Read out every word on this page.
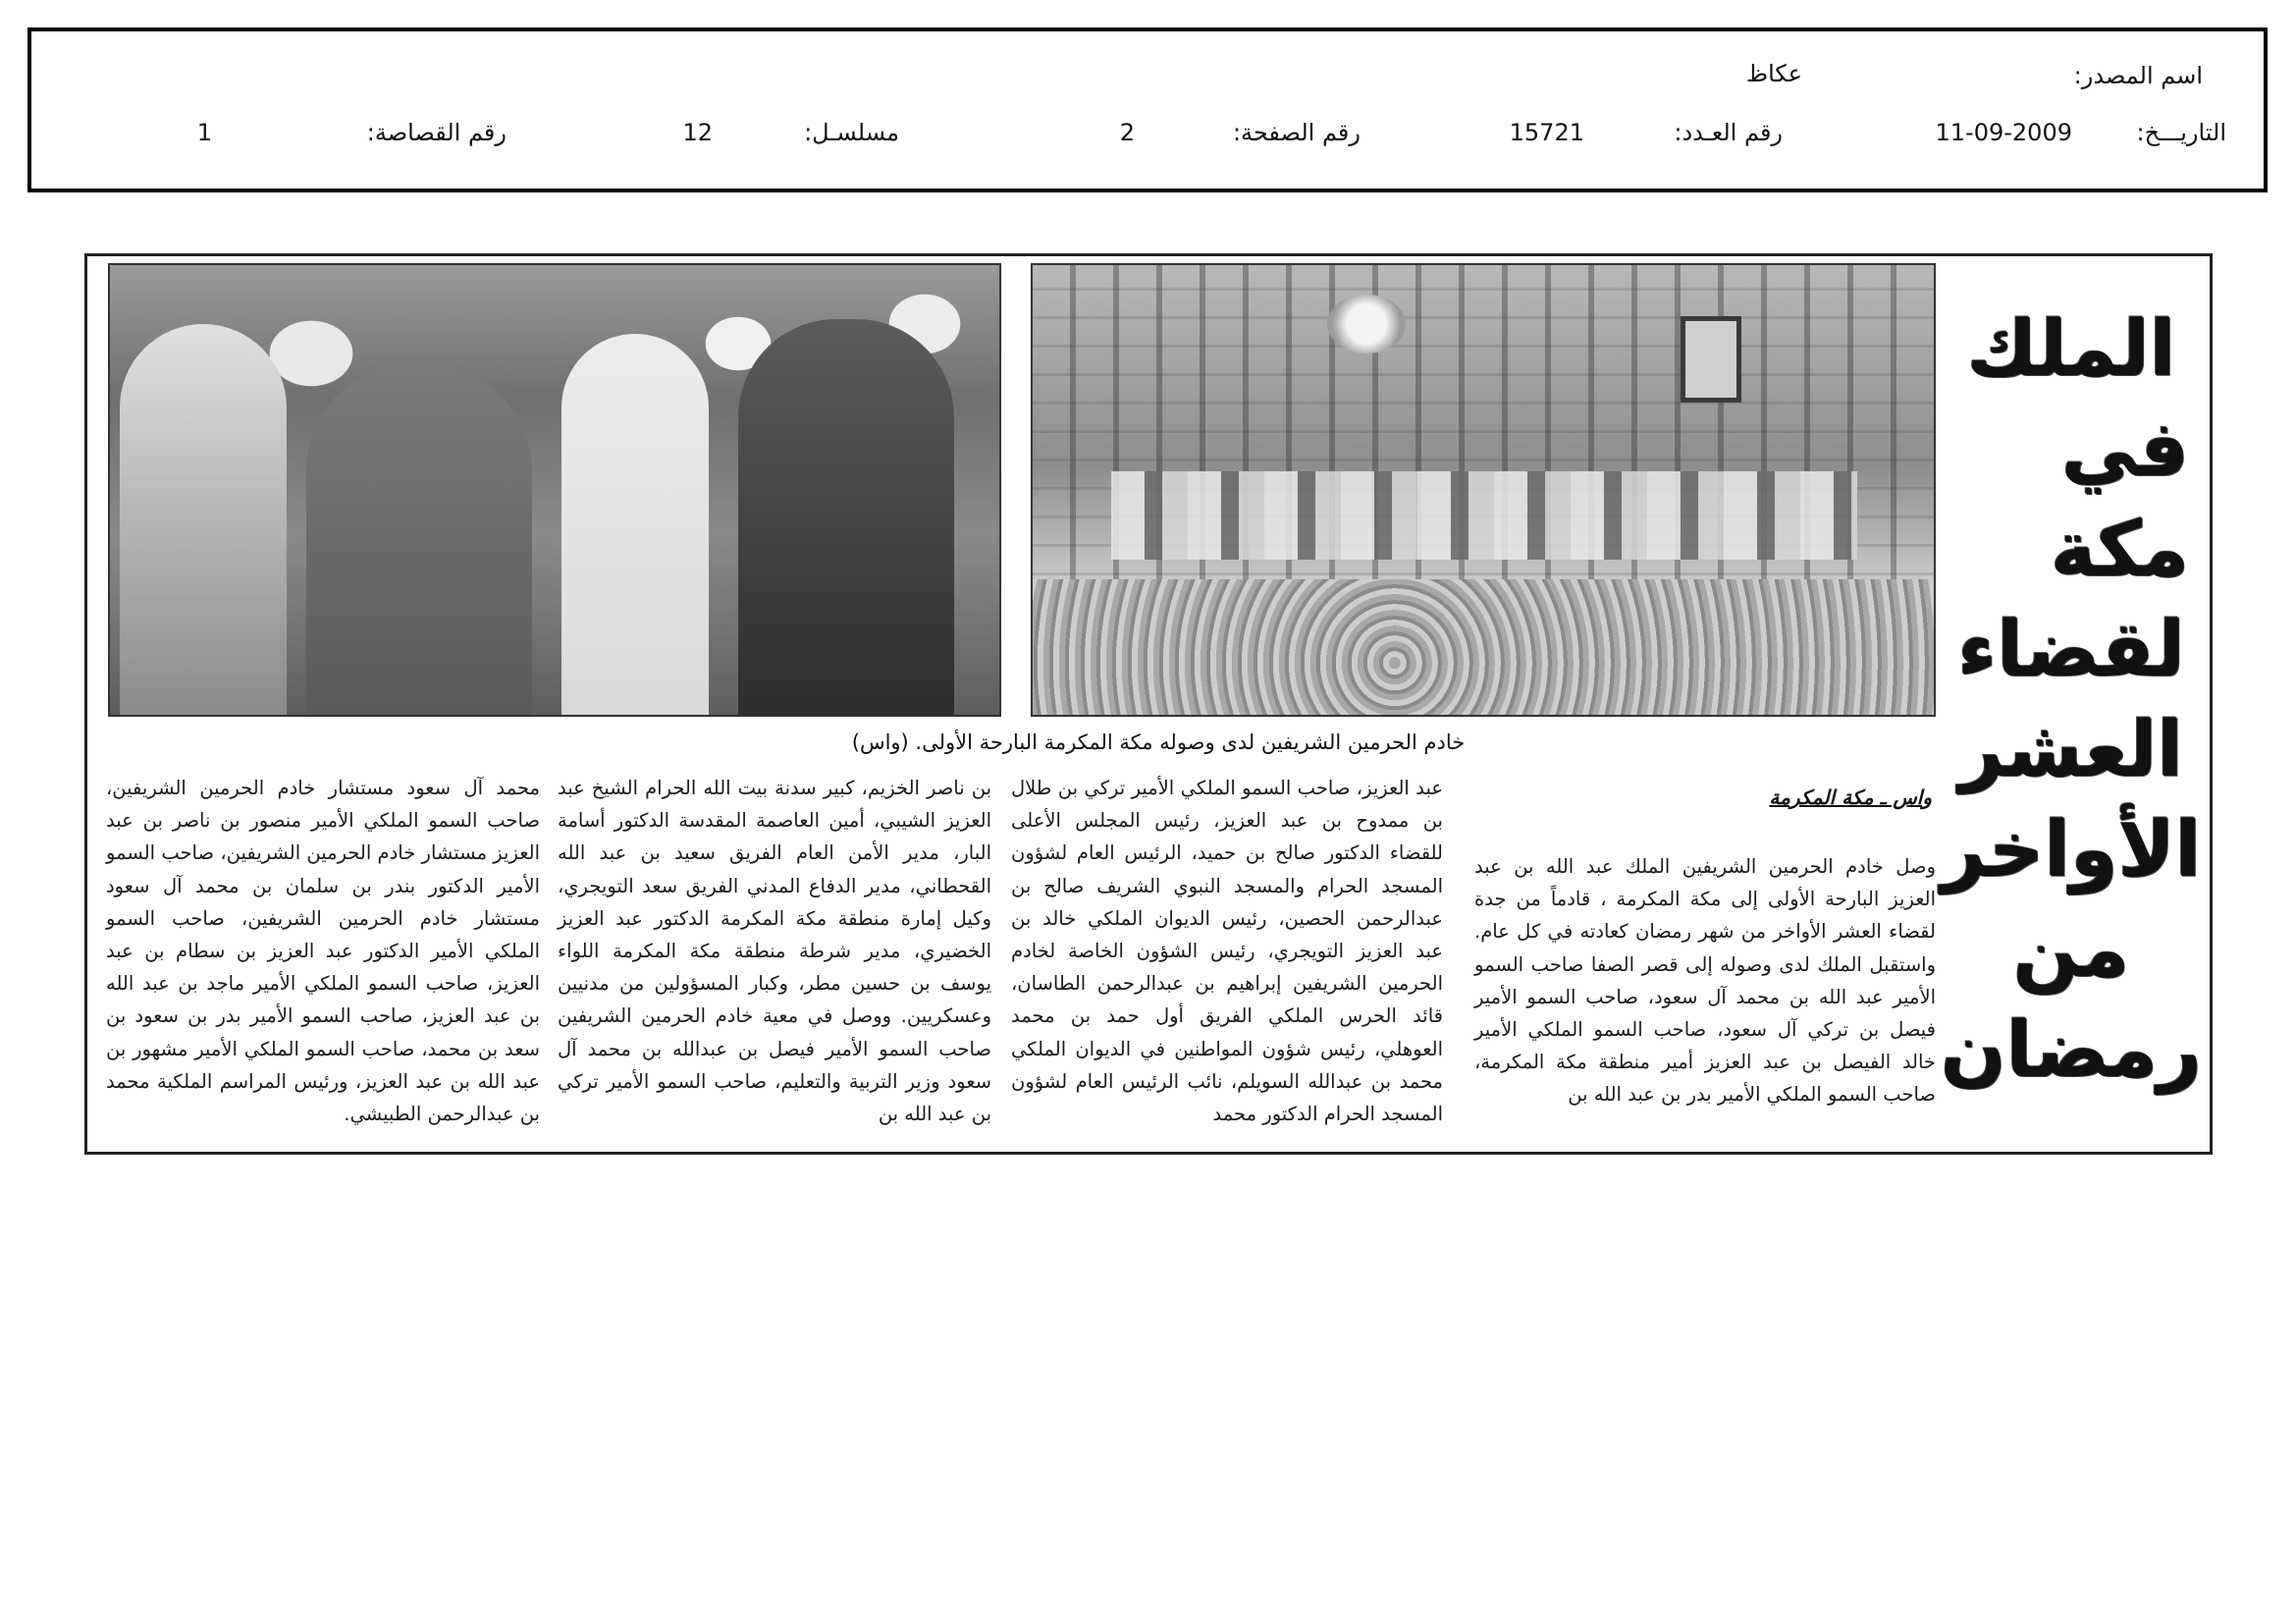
اسم المصدر:
عكاظ
التاريـــخ:
11-09-2009
رقم العـدد:
15721
رقم الصفحة:
2
مسلسـل:
12
رقم القصاصة:
1
الملك
في مكة
لقضاء
العشر
الأواخر
من
رمضان
خادم الحرمين الشريفين لدى وصوله مكة المكرمة البارحة الأولى. (واس)
واس ـ مكة المكرمة

وصل خادم الحرمين الشريفين الملك عبد الله بن عبد العزيز البارحة الأولى إلى مكة المكرمة ، قادماً من جدة لقضاء العشر الأواخر من شهر رمضان كعادته في كل عام. واستقبل الملك لدى وصوله إلى قصر الصفا صاحب السمو الأمير عبد الله بن محمد آل سعود، صاحب السمو الأمير فيصل بن تركي آل سعود، صاحب السمو الملكي الأمير خالد الفيصل بن عبد العزيز أمير منطقة مكة المكرمة، صاحب السمو الملكي الأمير بدر بن عبد الله بن

عبد العزيز، صاحب السمو الملكي الأمير تركي بن طلال بن ممدوح بن عبد العزيز، رئيس المجلس الأعلى للقضاء الدكتور صالح بن حميد، الرئيس العام لشؤون المسجد الحرام والمسجد النبوي الشريف صالح بن عبدالرحمن الحصين، رئيس الديوان الملكي خالد بن عبد العزيز التويجري، رئيس الشؤون الخاصة لخادم الحرمين الشريفين إبراهيم بن عبدالرحمن الطاسان، قائد الحرس الملكي الفريق أول حمد بن محمد العوهلي، رئيس شؤون المواطنين في الديوان الملكي محمد بن عبدالله السويلم، نائب الرئيس العام لشؤون المسجد الحرام الدكتور محمد

بن ناصر الخزيم، كبير سدنة بيت الله الحرام الشيخ عبد العزيز الشيبي، أمين العاصمة المقدسة الدكتور أسامة البار، مدير الأمن العام الفريق سعيد بن عبد الله القحطاني، مدير الدفاع المدني الفريق سعد التويجري، وكيل إمارة منطقة مكة المكرمة الدكتور عبد العزيز الخضيري، مدير شرطة منطقة مكة المكرمة اللواء يوسف بن حسين مطر، وكبار المسؤولين من مدنيين وعسكريين. ووصل في معية خادم الحرمين الشريفين صاحب السمو الأمير فيصل بن عبدالله بن محمد آل سعود وزير التربية والتعليم، صاحب السمو الأمير تركي بن عبد الله بن

محمد آل سعود مستشار خادم الحرمين الشريفين، صاحب السمو الملكي الأمير منصور بن ناصر بن عبد العزيز مستشار خادم الحرمين الشريفين، صاحب السمو الأمير الدكتور بندر بن سلمان بن محمد آل سعود مستشار خادم الحرمين الشريفين، صاحب السمو الملكي الأمير الدكتور عبد العزيز بن سطام بن عبد العزيز، صاحب السمو الملكي الأمير ماجد بن عبد الله بن عبد العزيز، صاحب السمو الأمير بدر بن سعود بن سعد بن محمد، صاحب السمو الملكي الأمير مشهور بن عبد الله بن عبد العزيز، ورئيس المراسم الملكية محمد بن عبدالرحمن الطبيشي.
